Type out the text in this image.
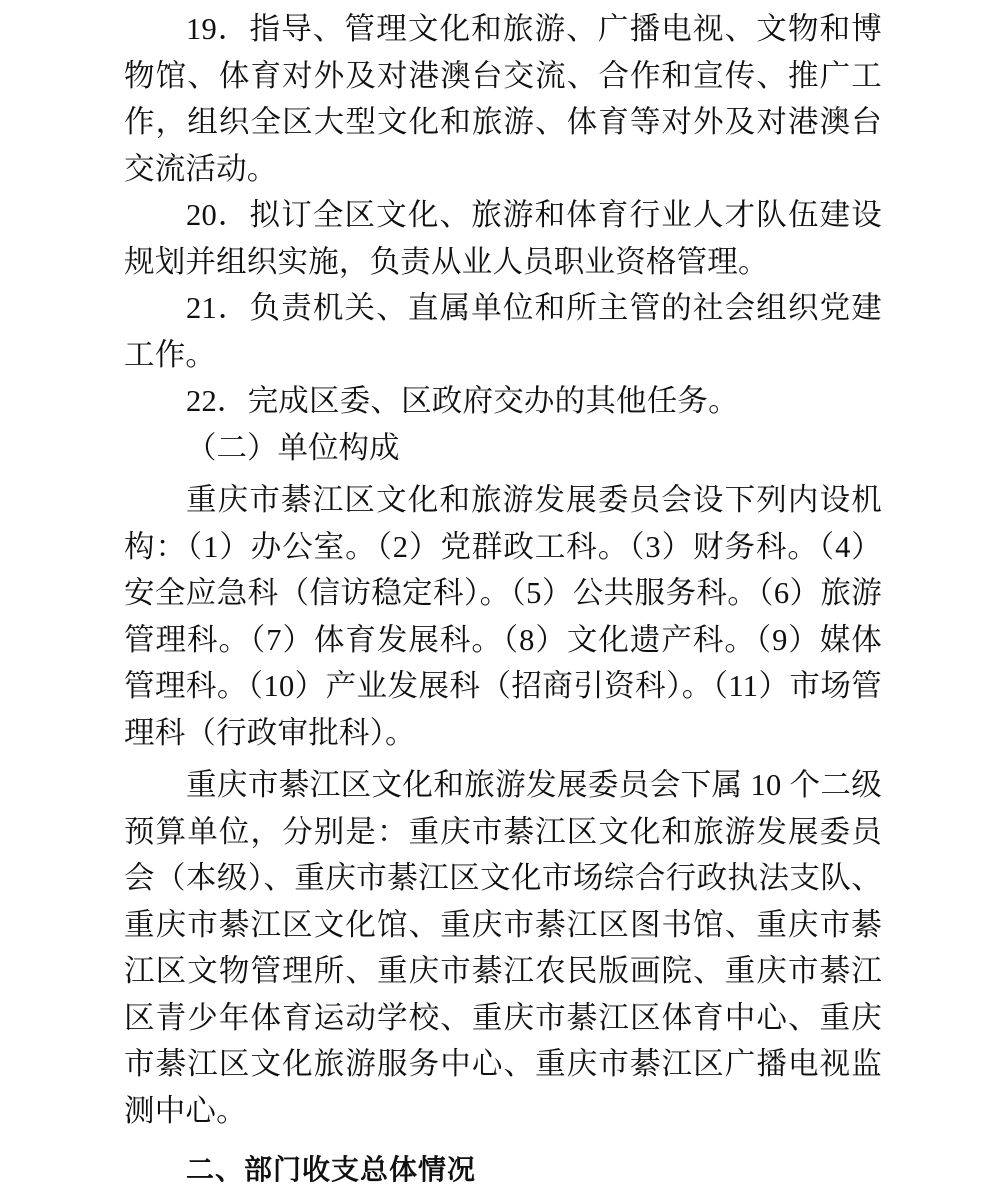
19．指导、管理文化和旅游、广播电视、文物和博物馆、体育对外及对港澳台交流、合作和宣传、推广工作，组织全区大型文化和旅游、体育等对外及对港澳台交流活动。

20．拟订全区文化、旅游和体育行业人才队伍建设规划并组织实施，负责从业人员职业资格管理。

21．负责机关、直属单位和所主管的社会组织党建工作。

22．完成区委、区政府交办的其他任务。

（二）单位构成

重庆市綦江区文化和旅游发展委员会设下列内设机构：（1）办公室。（2）党群政工科。（3）财务科。（4）安全应急科（信访稳定科）。（5）公共服务科。（6）旅游管理科。（7）体育发展科。（8）文化遗产科。（9）媒体管理科。（10）产业发展科（招商引资科）。（11）市场管理科（行政审批科）。

重庆市綦江区文化和旅游发展委员会下属 10 个二级预算单位，分别是：重庆市綦江区文化和旅游发展委员会（本级）、重庆市綦江区文化市场综合行政执法支队、重庆市綦江区文化馆、重庆市綦江区图书馆、重庆市綦江区文物管理所、重庆市綦江农民版画院、重庆市綦江区青少年体育运动学校、重庆市綦江区体育中心、重庆市綦江区文化旅游服务中心、重庆市綦江区广播电视监测中心。

二、部门收支总体情况
